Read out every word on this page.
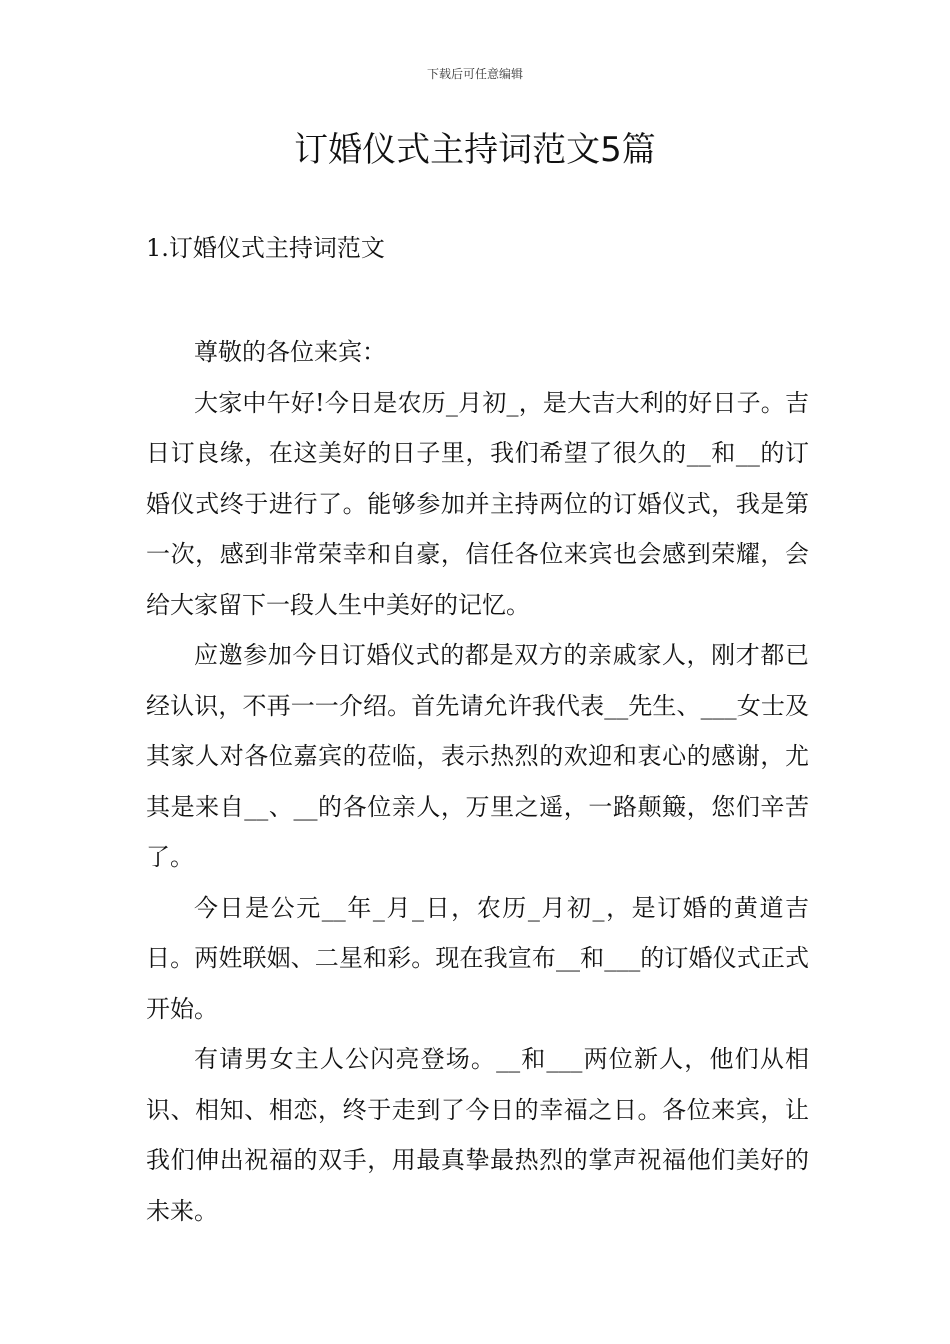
下载后可任意编辑
订婚仪式主持词范文5篇
1.订婚仪式主持词范文

尊敬的各位来宾：

大家中午好!今日是农历_月初_，是大吉大利的好日子。吉日订良缘，在这美好的日子里，我们希望了很久的__和__的订婚仪式终于进行了。能够参加并主持两位的订婚仪式，我是第一次，感到非常荣幸和自豪，信任各位来宾也会感到荣耀，会给大家留下一段人生中美好的记忆。

应邀参加今日订婚仪式的都是双方的亲戚家人，刚才都已经认识，不再一一介绍。首先请允许我代表__先生、___女士及其家人对各位嘉宾的莅临，表示热烈的欢迎和衷心的感谢，尤其是来自__、__的各位亲人，万里之遥，一路颠簸，您们辛苦了。

今日是公元__年_月_日，农历_月初_，是订婚的黄道吉日。两姓联姻、二星和彩。现在我宣布__和___的订婚仪式正式开始。

有请男女主人公闪亮登场。__和___两位新人，他们从相识、相知、相恋，终于走到了今日的幸福之日。各位来宾，让我们伸出祝福的双手，用最真挚最热烈的掌声祝福他们美好的未来。
